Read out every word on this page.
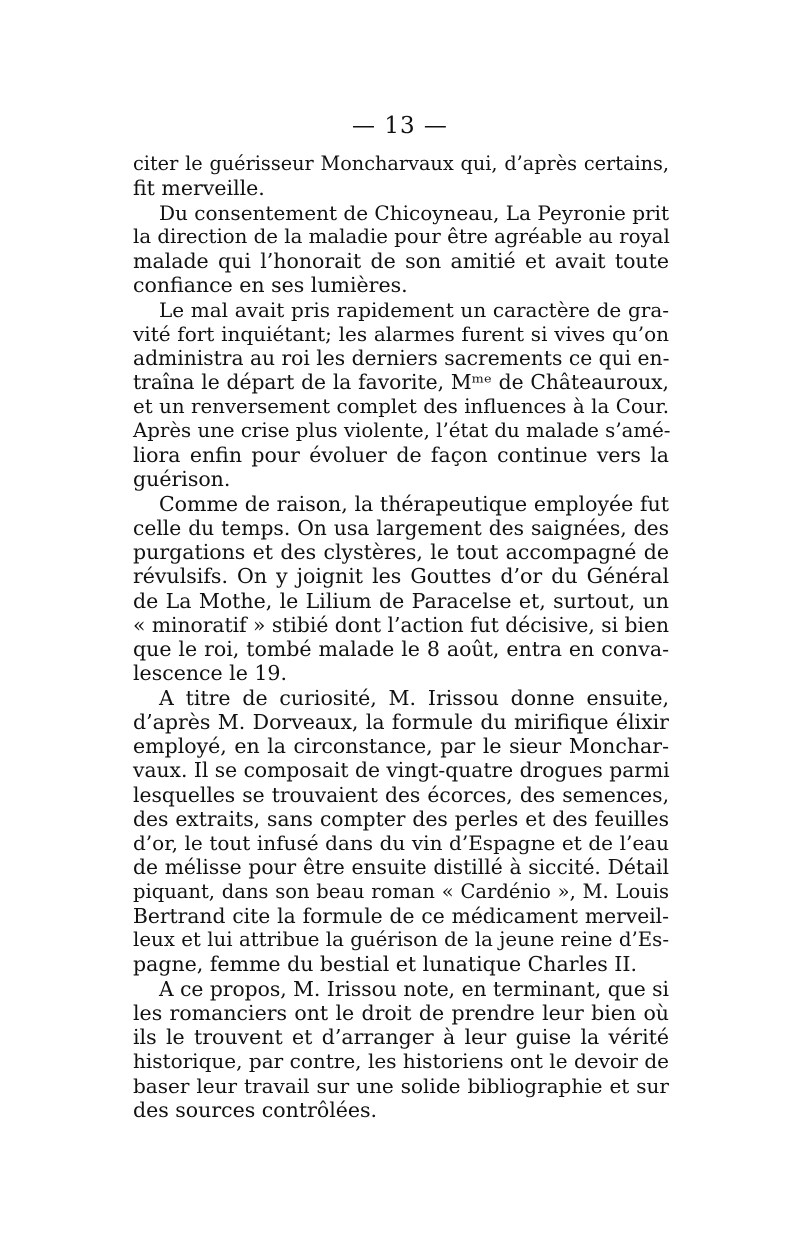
— 13 —
citer le guérisseur Moncharvaux qui, d’après certains,
fit merveille.
Du consentement de Chicoyneau, La Peyronie prit
la direction de la maladie pour être agréable au royal
malade qui l’honorait de son amitié et avait toute
confiance en ses lumières.
Le mal avait pris rapidement un caractère de gra-
vité fort inquiétant; les alarmes furent si vives qu’on
administra au roi les derniers sacrements ce qui en-
traîna le départ de la favorite, Mᵐᵉ de Châteauroux,
et un renversement complet des influences à la Cour.
Après une crise plus violente, l’état du malade s’amé-
liora enfin pour évoluer de façon continue vers la
guérison.
Comme de raison, la thérapeutique employée fut
celle du temps. On usa largement des saignées, des
purgations et des clystères, le tout accompagné de
révulsifs. On y joignit les Gouttes d’or du Général
de La Mothe, le Lilium de Paracelse et, surtout, un
« minoratif » stibié dont l’action fut décisive, si bien
que le roi, tombé malade le 8 août, entra en conva-
lescence le 19.
A titre de curiosité, M. Irissou donne ensuite,
d’après M. Dorveaux, la formule du mirifique élixir
employé, en la circonstance, par le sieur Monchar-
vaux. Il se composait de vingt-quatre drogues parmi
lesquelles se trouvaient des écorces, des semences,
des extraits, sans compter des perles et des feuilles
d’or, le tout infusé dans du vin d’Espagne et de l’eau
de mélisse pour être ensuite distillé à siccité. Détail
piquant, dans son beau roman « Cardénio », M. Louis
Bertrand cite la formule de ce médicament merveil-
leux et lui attribue la guérison de la jeune reine d’Es-
pagne, femme du bestial et lunatique Charles II.
A ce propos, M. Irissou note, en terminant, que si
les romanciers ont le droit de prendre leur bien où
ils le trouvent et d’arranger à leur guise la vérité
historique, par contre, les historiens ont le devoir de
baser leur travail sur une solide bibliographie et sur
des sources contrôlées.
